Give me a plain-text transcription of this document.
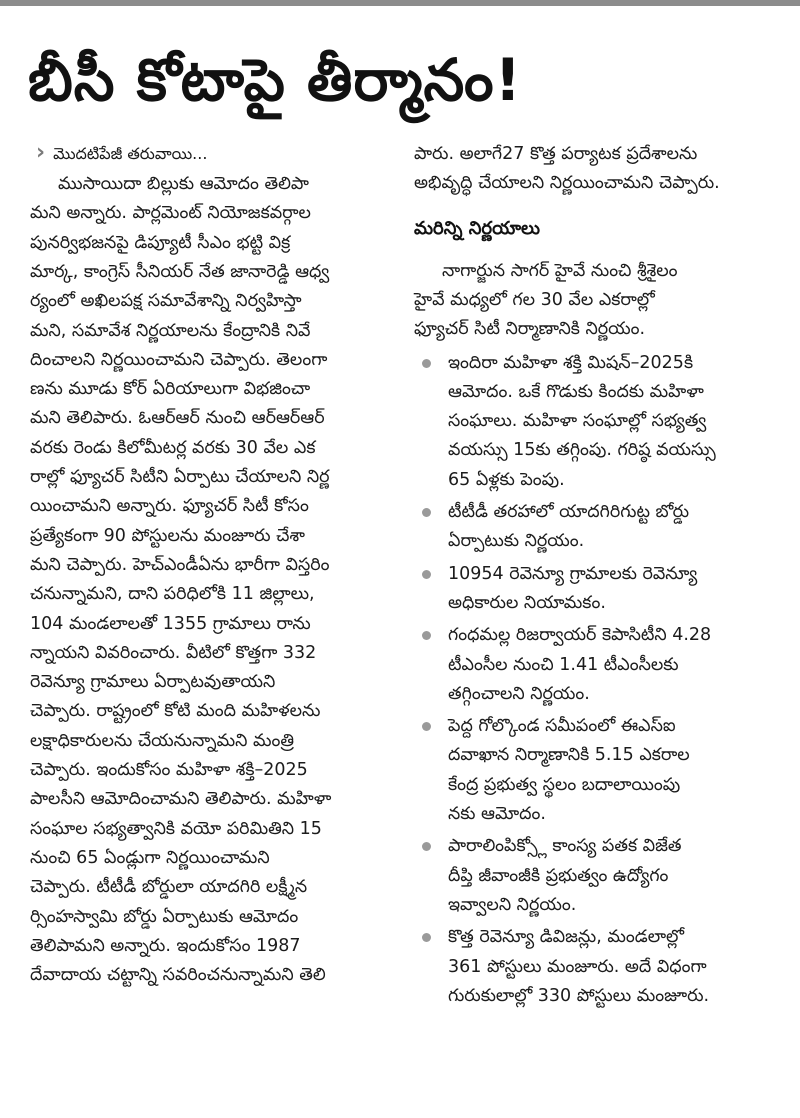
బీసీ కోటాపై తీర్మానం!
› మొదటిపేజీ తరువాయి...
ముసాయిదా బిల్లుకు ఆమోదం తెలిపా
మని అన్నారు. పార్లమెంట్ నియోజకవర్గాల
పునర్విభజనపై డిప్యూటీ సీఎం భట్టి విక్ర
మార్క, కాంగ్రెస్ సీనియర్ నేత జానారెడ్డి ఆధ్వ
ర్యంలో అఖిలపక్ష సమావేశాన్ని నిర్వహిస్తా
మని, సమావేశ నిర్ణయాలను కేంద్రానికి నివే
దించాలని నిర్ణయించామని చెప్పారు. తెలంగా
ణను మూడు కోర్ ఏరియాలుగా విభజించా
మని తెలిపారు. ఓఆర్ఆర్ నుంచి ఆర్ఆర్ఆర్
వరకు రెండు కిలోమీటర్ల వరకు 30 వేల ఎక
రాల్లో ఫ్యూచర్ సిటీని ఏర్పాటు చేయాలని నిర్ణ
యించామని అన్నారు. ఫ్యూచర్ సిటీ కోసం
ప్రత్యేకంగా 90 పోస్టులను మంజూరు చేశా
మని చెప్పారు. హెచ్ఎండీఏను భారీగా విస్తరిం
చనున్నామని, దాని పరిధిలోకి 11 జిల్లాలు,
104 మండలాలతో 1355 గ్రామాలు రాను
న్నాయని వివరించారు. వీటిలో కొత్తగా 332
రెవెన్యూ గ్రామాలు ఏర్పాటవుతాయని
చెప్పారు. రాష్ట్రంలో కోటి మంది మహిళలను
లక్షాధికారులను చేయనున్నామని మంత్రి
చెప్పారు. ఇందుకోసం మహిళా శక్తి–2025
పాలసీని ఆమోదించామని తెలిపారు. మహిళా
సంఘాల సభ్యత్వానికి వయో పరిమితిని 15
నుంచి 65 ఏండ్లుగా నిర్ణయించామని
చెప్పారు. టీటీడీ బోర్డులా యాదగిరి లక్ష్మీన
ర్సింహస్వామి బోర్డు ఏర్పాటుకు ఆమోదం
తెలిపామని అన్నారు. ఇందుకోసం 1987
దేవాదాయ చట్టాన్ని సవరించనున్నామని తెలి
పారు. అలాగే27 కొత్త పర్యాటక ప్రదేశాలను
అభివృద్ధి చేయాలని నిర్ణయించామని చెప్పారు.
మరిన్ని నిర్ణయాలు
నాగార్జున సాగర్ హైవే నుంచి శ్రీశైలం
హైవే మధ్యలో గల 30 వేల ఎకరాల్లో
ఫ్యూచర్ సిటీ నిర్మాణానికి నిర్ణయం.
ఇందిరా మహిళా శక్తి మిషన్–2025కి
ఆమోదం. ఒకే గొడుకు కిందకు మహిళా
సంఘాలు. మహిళా సంఘాల్లో సభ్యత్వ
వయస్సు 15కు తగ్గింపు. గరిష్ఠ వయస్సు
65 ఏళ్లకు పెంపు.
టీటీడీ తరహాలో యాదగిరిగుట్ట బోర్డు
ఏర్పాటుకు నిర్ణయం.
10954 రెవెన్యూ గ్రామాలకు రెవెన్యూ
అధికారుల నియామకం.
గంధమల్ల రిజర్వాయర్ కెపాసిటీని 4.28
టీఎంసీల నుంచి 1.41 టీఎంసీలకు
తగ్గించాలని నిర్ణయం.
పెద్ద గోల్కొండ సమీపంలో ఈఎస్ఐ
దవాఖాన నిర్మాణానికి 5.15 ఎకరాల
కేంద్ర ప్రభుత్వ స్థలం బదాలాయింపు
నకు ఆమోదం.
పారాలింపిక్స్లో కాంస్య పతక విజేత
దీప్తి జీవాంజీకి ప్రభుత్వం ఉద్యోగం
ఇవ్వాలని నిర్ణయం.
కొత్త రెవెన్యూ డివిజన్లు, మండలాల్లో
361 పోస్టులు మంజూరు. అదే విధంగా
గురుకులాల్లో 330 పోస్టులు మంజూరు.
